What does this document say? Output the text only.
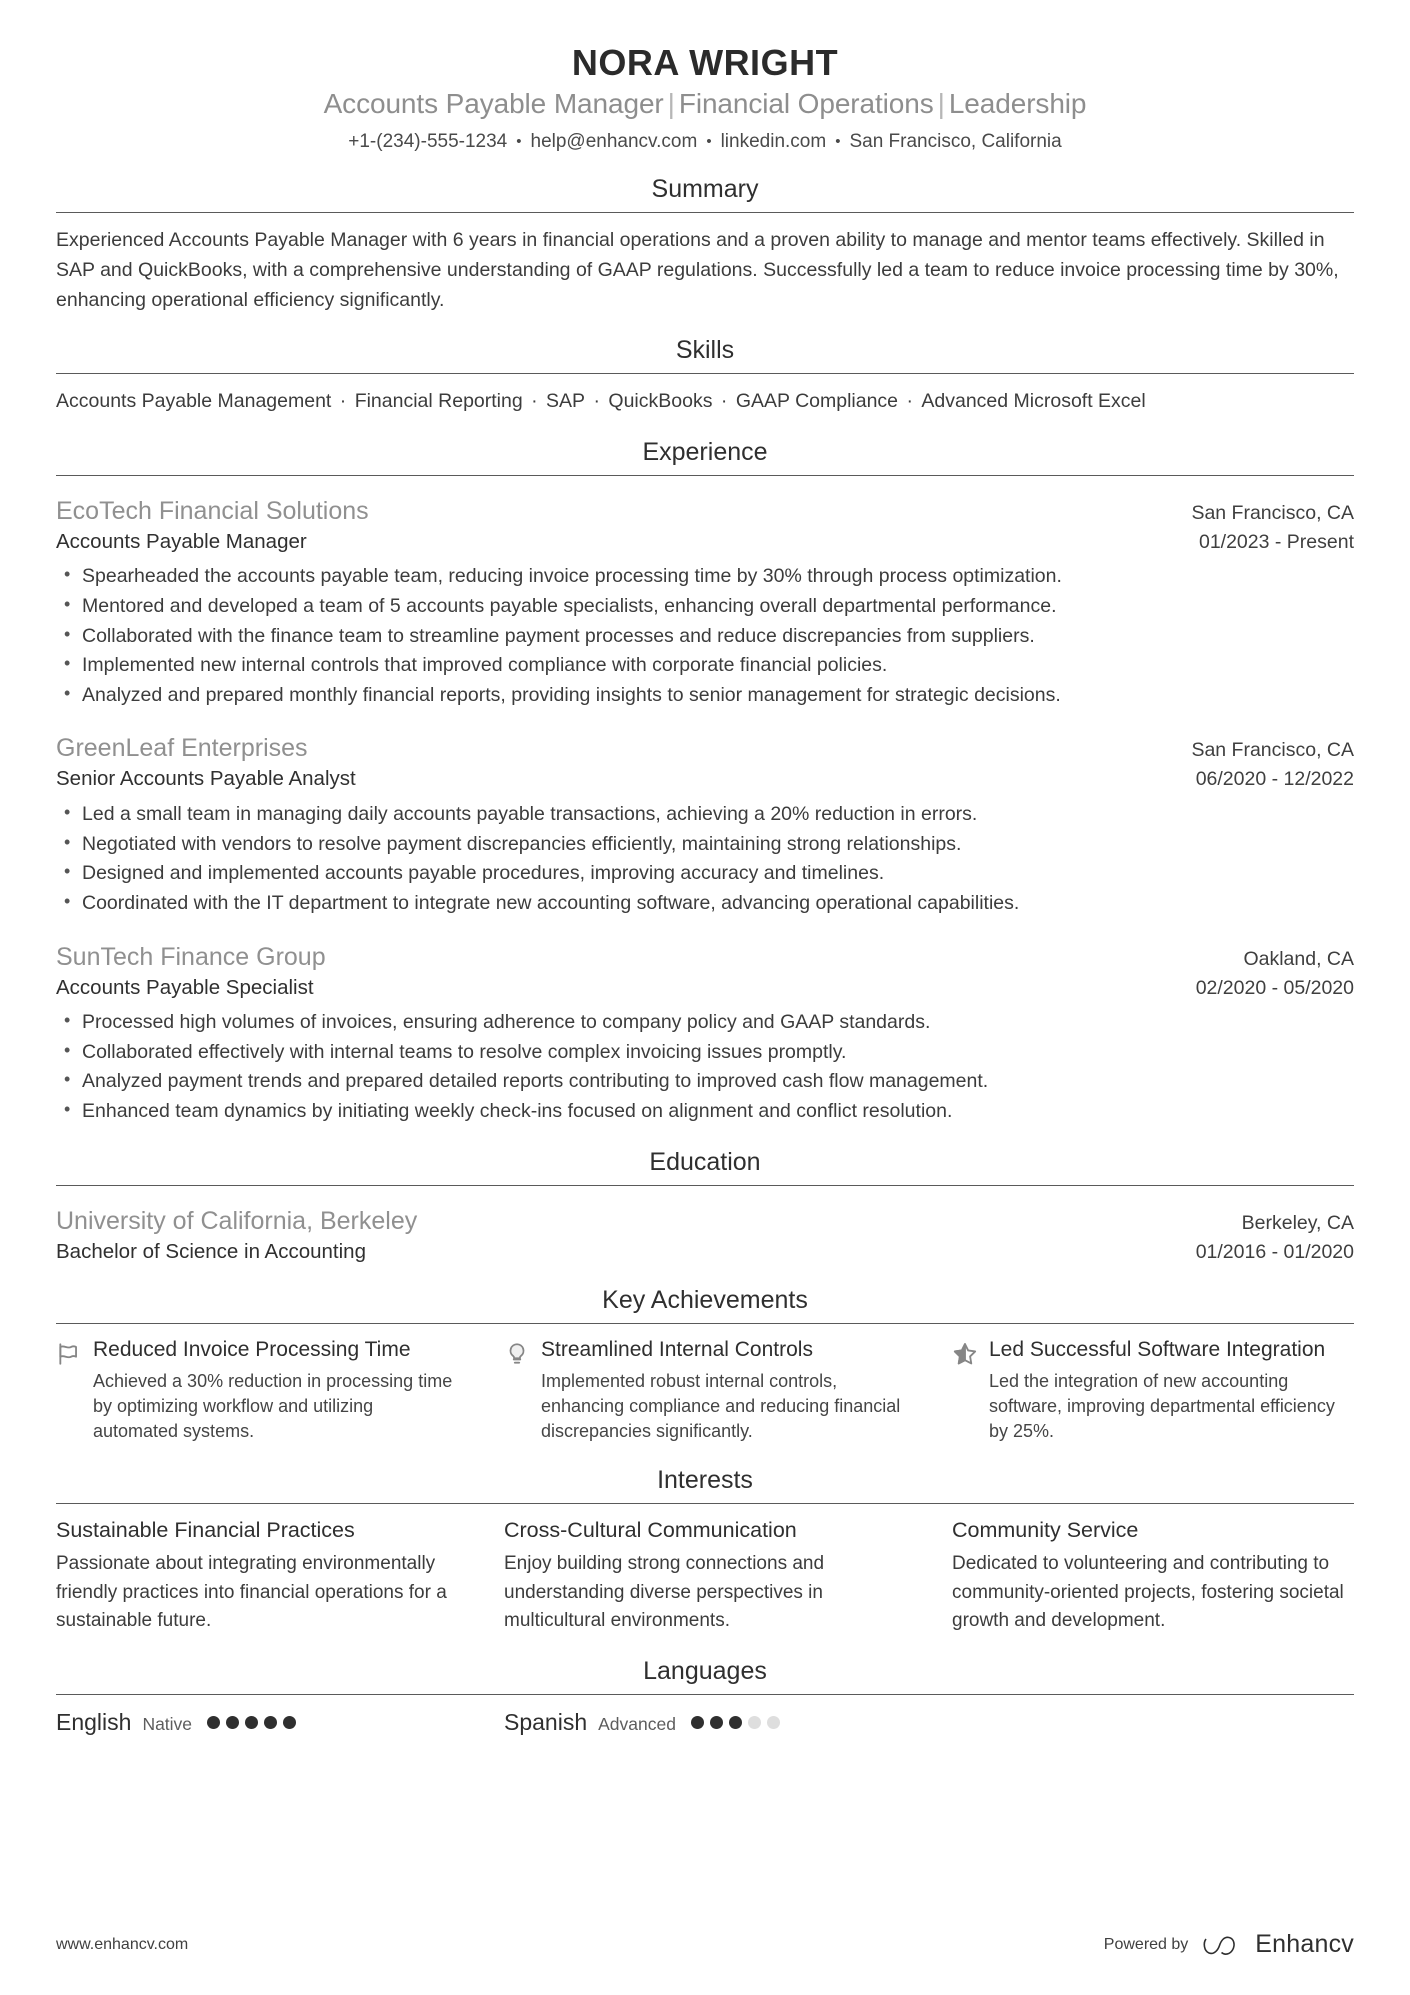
NORA WRIGHT
Accounts Payable Manager | Financial Operations | Leadership
+1-(234)-555-1234 • help@enhancv.com • linkedin.com • San Francisco, California
Summary
Experienced Accounts Payable Manager with 6 years in financial operations and a proven ability to manage and mentor teams effectively. Skilled in SAP and QuickBooks, with a comprehensive understanding of GAAP regulations. Successfully led a team to reduce invoice processing time by 30%, enhancing operational efficiency significantly.
Skills
Accounts Payable Management · Financial Reporting · SAP · QuickBooks · GAAP Compliance · Advanced Microsoft Excel
Experience
EcoTech Financial Solutions	San Francisco, CA
Accounts Payable Manager	01/2023 - Present
• Spearheaded the accounts payable team, reducing invoice processing time by 30% through process optimization.
• Mentored and developed a team of 5 accounts payable specialists, enhancing overall departmental performance.
• Collaborated with the finance team to streamline payment processes and reduce discrepancies from suppliers.
• Implemented new internal controls that improved compliance with corporate financial policies.
• Analyzed and prepared monthly financial reports, providing insights to senior management for strategic decisions.
GreenLeaf Enterprises	San Francisco, CA
Senior Accounts Payable Analyst	06/2020 - 12/2022
• Led a small team in managing daily accounts payable transactions, achieving a 20% reduction in errors.
• Negotiated with vendors to resolve payment discrepancies efficiently, maintaining strong relationships.
• Designed and implemented accounts payable procedures, improving accuracy and timelines.
• Coordinated with the IT department to integrate new accounting software, advancing operational capabilities.
SunTech Finance Group	Oakland, CA
Accounts Payable Specialist	02/2020 - 05/2020
• Processed high volumes of invoices, ensuring adherence to company policy and GAAP standards.
• Collaborated effectively with internal teams to resolve complex invoicing issues promptly.
• Analyzed payment trends and prepared detailed reports contributing to improved cash flow management.
• Enhanced team dynamics by initiating weekly check-ins focused on alignment and conflict resolution.
Education
University of California, Berkeley	Berkeley, CA
Bachelor of Science in Accounting	01/2016 - 01/2020
Key Achievements
Reduced Invoice Processing Time
Achieved a 30% reduction in processing time by optimizing workflow and utilizing automated systems.
Streamlined Internal Controls
Implemented robust internal controls, enhancing compliance and reducing financial discrepancies significantly.
Led Successful Software Integration
Led the integration of new accounting software, improving departmental efficiency by 25%.
Interests
Sustainable Financial Practices
Passionate about integrating environmentally friendly practices into financial operations for a sustainable future.
Cross-Cultural Communication
Enjoy building strong connections and understanding diverse perspectives in multicultural environments.
Community Service
Dedicated to volunteering and contributing to community-oriented projects, fostering societal growth and development.
Languages
English Native	Spanish Advanced
www.enhancv.com	Powered by	Enhancv
